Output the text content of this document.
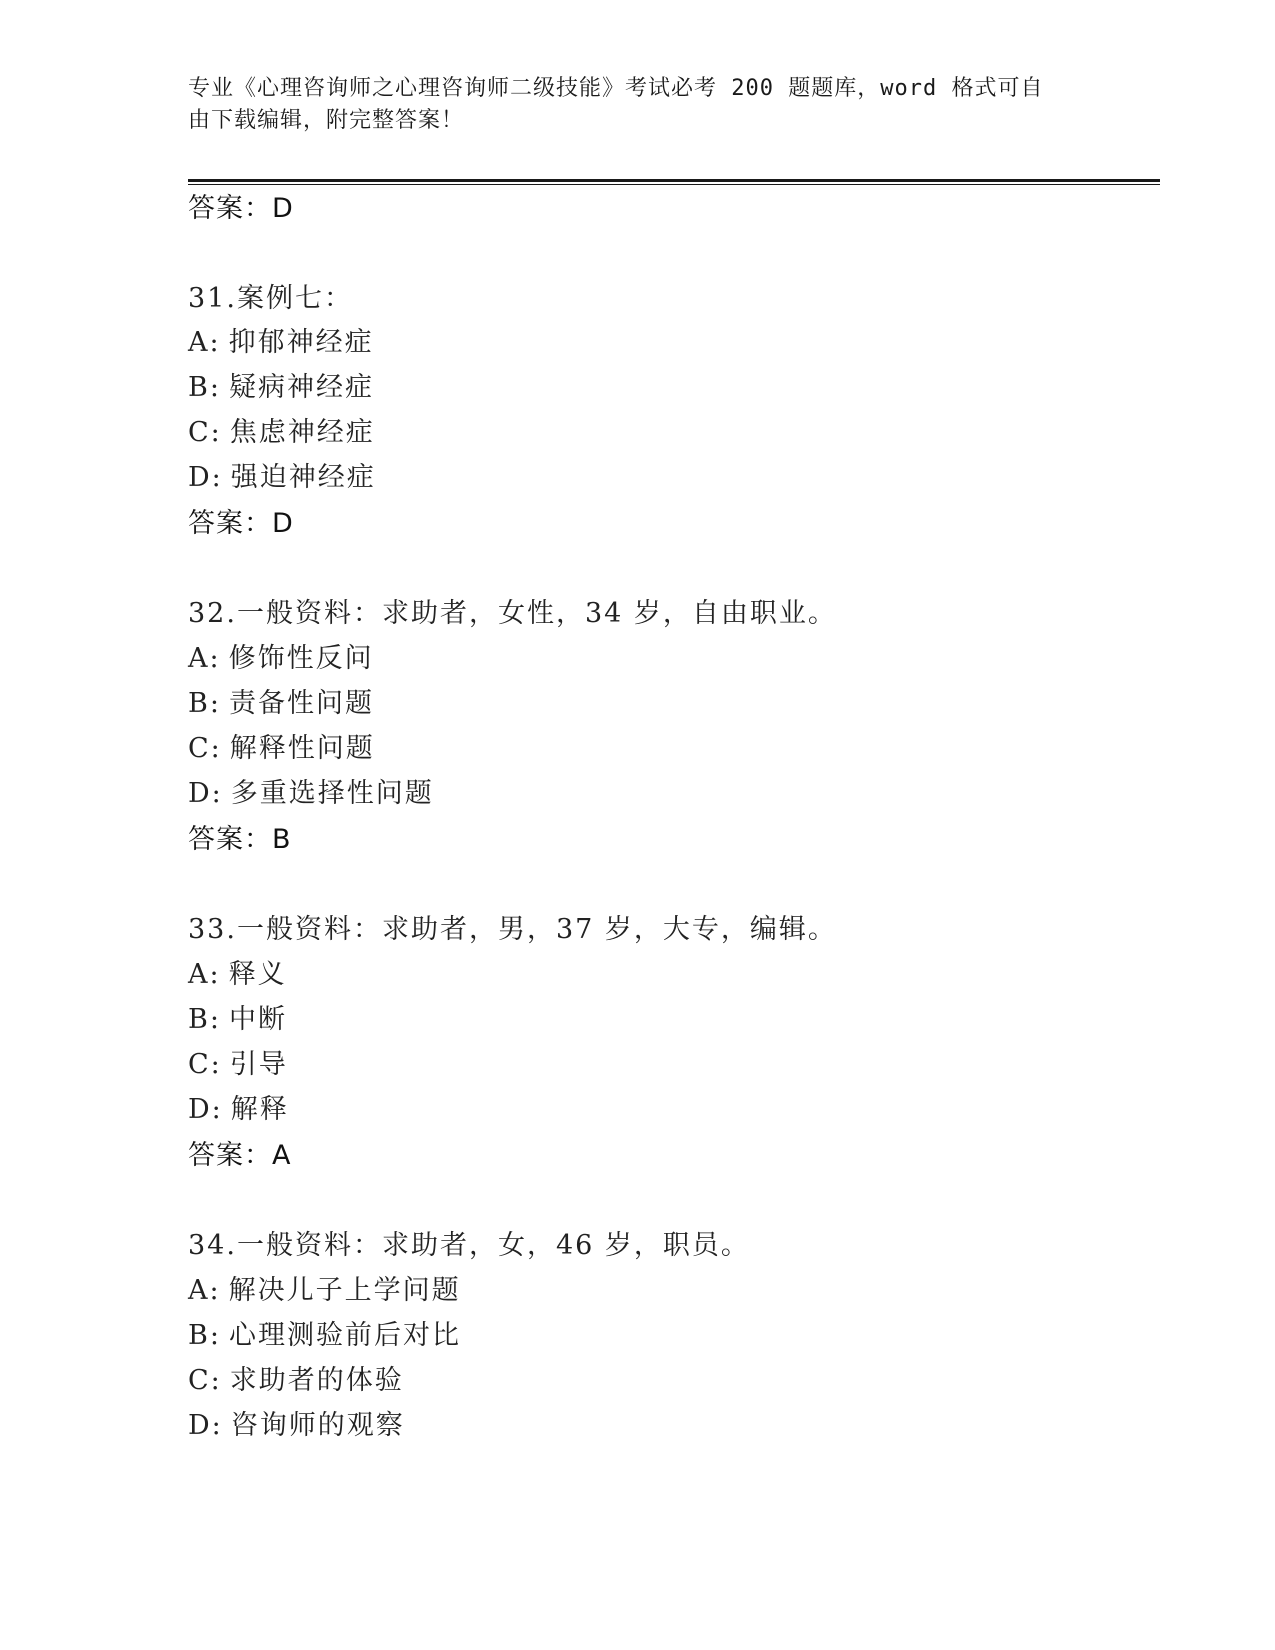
专业《心理咨询师之心理咨询师二级技能》考试必考 200 题题库，word 格式可自
由下载编辑，附完整答案！
答案：D
31.案例七：
A: 抑郁神经症
B: 疑病神经症
C: 焦虑神经症
D: 强迫神经症
答案：D
32.一般资料：求助者，女性，34 岁，自由职业。
A: 修饰性反问
B: 责备性问题
C: 解释性问题
D: 多重选择性问题
答案：B
33.一般资料：求助者，男，37 岁，大专，编辑。
A: 释义
B: 中断
C: 引导
D: 解释
答案：A
34.一般资料：求助者，女，46 岁，职员。
A: 解决儿子上学问题
B: 心理测验前后对比
C: 求助者的体验
D: 咨询师的观察
